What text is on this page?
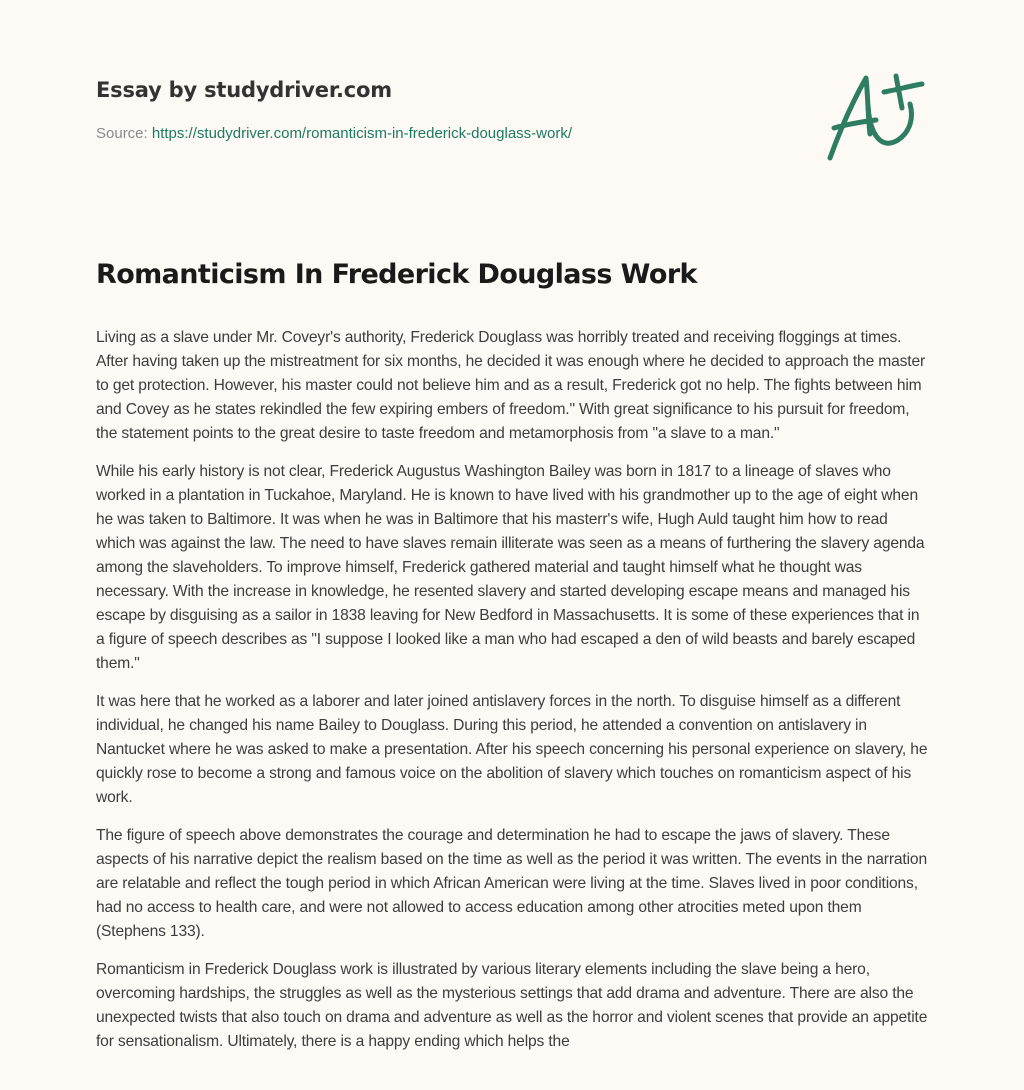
Essay by studydriver.com
Source: https://studydriver.com/romanticism-in-frederick-douglass-work/
Romanticism In Frederick Douglass Work

Living as a slave under Mr. Coveyr's authority, Frederick Douglass was horribly treated and receiving floggings at times. After having taken up the mistreatment for six months, he decided it was enough where he decided to approach the master to get protection. However, his master could not believe him and as a result, Frederick got no help. The fights between him and Covey as he states rekindled the few expiring embers of freedom." With great significance to his pursuit for freedom, the statement points to the great desire to taste freedom and metamorphosis from "a slave to a man."

While his early history is not clear, Frederick Augustus Washington Bailey was born in 1817 to a lineage of slaves who worked in a plantation in Tuckahoe, Maryland. He is known to have lived with his grandmother up to the age of eight when he was taken to Baltimore. It was when he was in Baltimore that his masterr's wife, Hugh Auld taught him how to read which was against the law. The need to have slaves remain illiterate was seen as a means of furthering the slavery agenda among the slaveholders. To improve himself, Frederick gathered material and taught himself what he thought was necessary. With the increase in knowledge, he resented slavery and started developing escape means and managed his escape by disguising as a sailor in 1838 leaving for New Bedford in Massachusetts. It is some of these experiences that in a figure of speech describes as "I suppose I looked like a man who had escaped a den of wild beasts and barely escaped them."

It was here that he worked as a laborer and later joined antislavery forces in the north. To disguise himself as a different individual, he changed his name Bailey to Douglass. During this period, he attended a convention on antislavery in Nantucket where he was asked to make a presentation. After his speech concerning his personal experience on slavery, he quickly rose to become a strong and famous voice on the abolition of slavery which touches on romanticism aspect of his work.

The figure of speech above demonstrates the courage and determination he had to escape the jaws of slavery. These aspects of his narrative depict the realism based on the time as well as the period it was written. The events in the narration are relatable and reflect the tough period in which African American were living at the time. Slaves lived in poor conditions, had no access to health care, and were not allowed to access education among other atrocities meted upon them (Stephens 133).

Romanticism in Frederick Douglass work is illustrated by various literary elements including the slave being a hero, overcoming hardships, the struggles as well as the mysterious settings that add drama and adventure. There are also the unexpected twists that also touch on drama and adventure as well as the horror and violent scenes that provide an appetite for sensationalism. Ultimately, there is a happy ending which helps the
